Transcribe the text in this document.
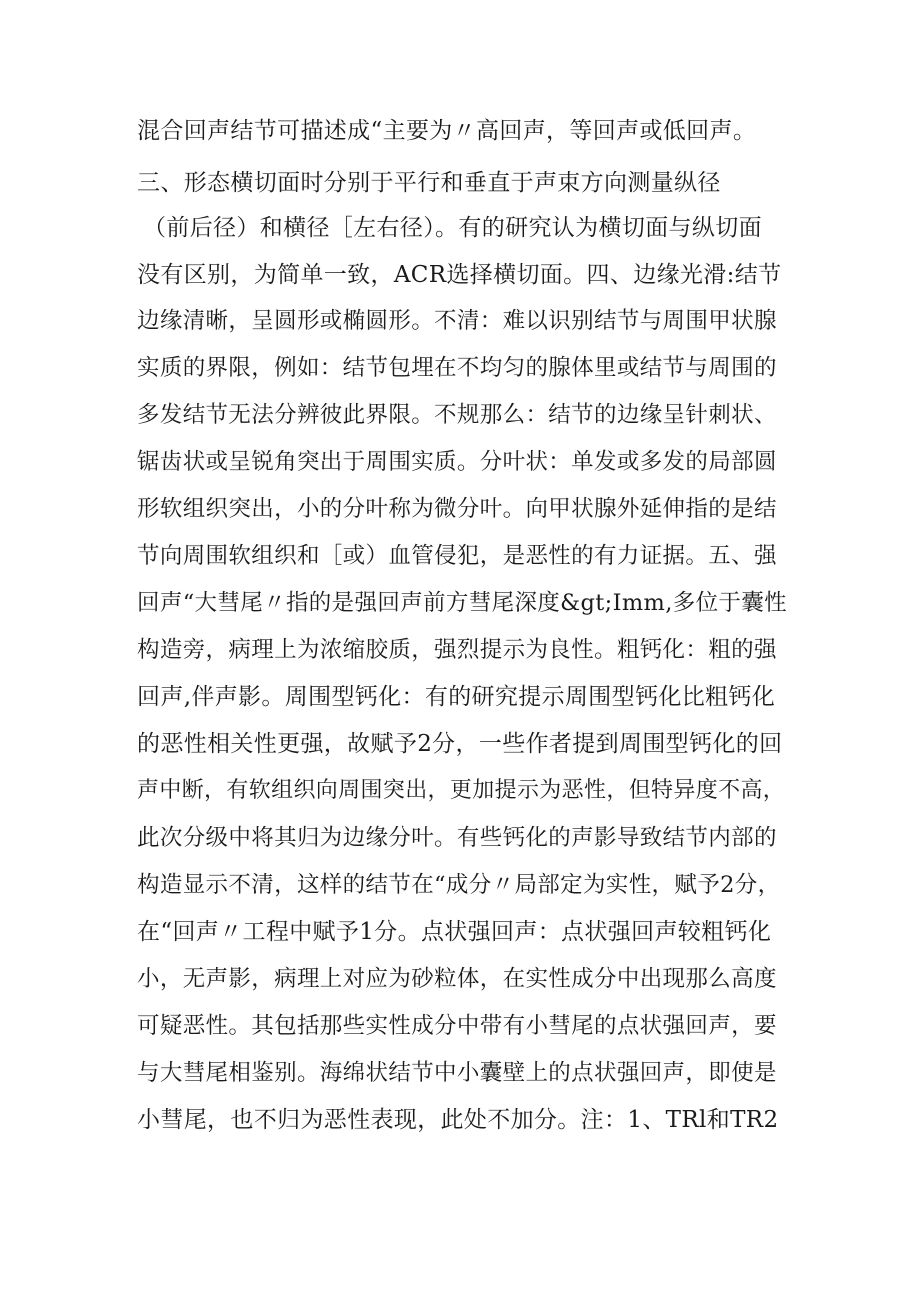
混合回声结节可描述成“主要为〃高回声，等回声或低回声。

三、形态横切面时分别于平行和垂直于声束方向测量纵径

（前后径）和横径［左右径）。有的研究认为横切面与纵切面

没有区别，为简单一致，ACR选择横切面。四、边缘光滑:结节

边缘清晰，呈圆形或椭圆形。不清：难以识别结节与周围甲状腺

实质的界限，例如：结节包埋在不均匀的腺体里或结节与周围的

多发结节无法分辨彼此界限。不规那么：结节的边缘呈针刺状、

锯齿状或呈锐角突出于周围实质。分叶状：单发或多发的局部圆

形软组织突出，小的分叶称为微分叶。向甲状腺外延伸指的是结

节向周围软组织和［或）血管侵犯，是恶性的有力证据。五、强

回声“大彗尾〃指的是强回声前方彗尾深度&gt;Imm,多位于囊性

构造旁，病理上为浓缩胶质，强烈提示为良性。粗钙化：粗的强

回声,伴声影。周围型钙化：有的研究提示周围型钙化比粗钙化

的恶性相关性更强，故赋予2分，一些作者提到周围型钙化的回

声中断，有软组织向周围突出，更加提示为恶性，但特异度不高，

此次分级中将其归为边缘分叶。有些钙化的声影导致结节内部的

构造显示不清，这样的结节在“成分〃局部定为实性，赋予2分，

在“回声〃工程中赋予1分。点状强回声：点状强回声较粗钙化

小，无声影，病理上对应为砂粒体，在实性成分中出现那么高度

可疑恶性。其包括那些实性成分中带有小彗尾的点状强回声，要

与大彗尾相鉴别。海绵状结节中小囊壁上的点状强回声，即使是

小彗尾，也不归为恶性表现，此处不加分。注：1、TRl和TR2
